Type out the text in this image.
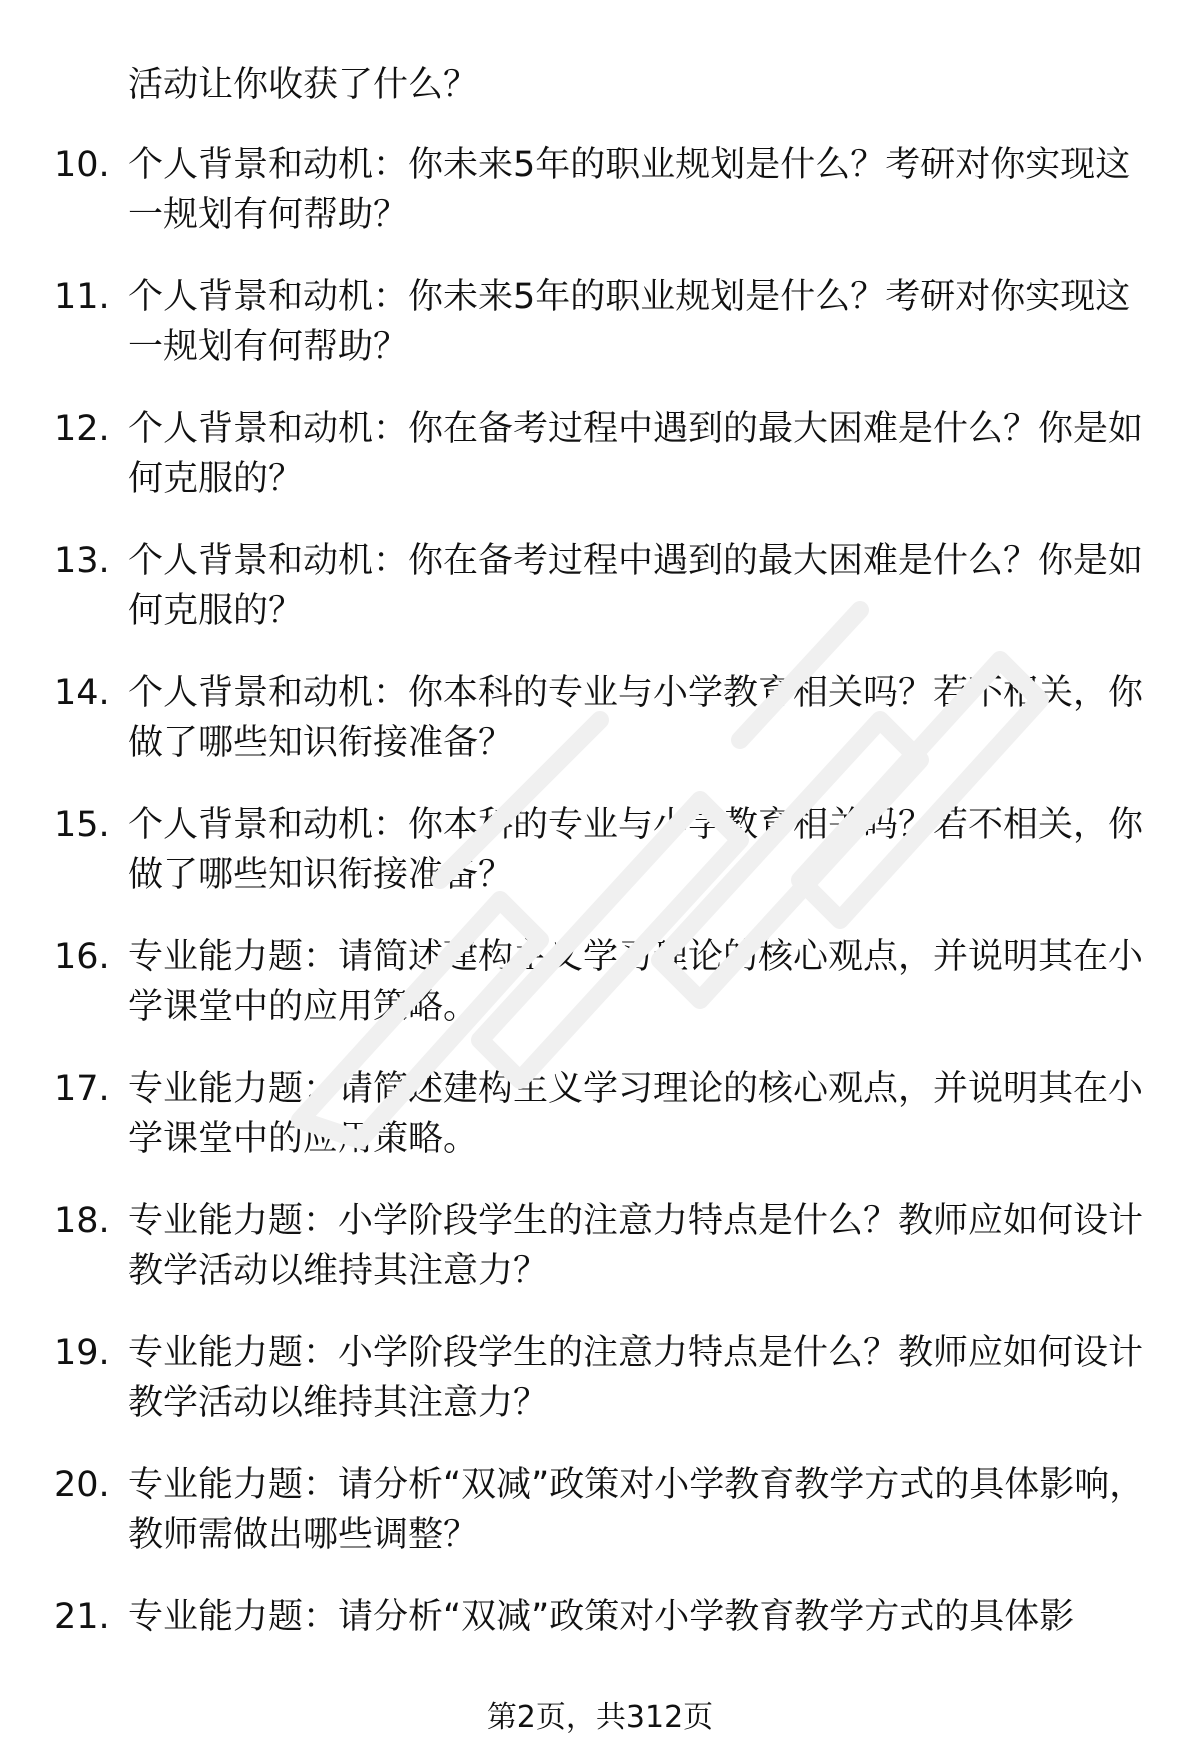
活动让你收获了什么？
10. 个人背景和动机：你未来5年的职业规划是什么？考研对你实现这一规划有何帮助？
11. 个人背景和动机：你未来5年的职业规划是什么？考研对你实现这一规划有何帮助？
12. 个人背景和动机：你在备考过程中遇到的最大困难是什么？你是如何克服的？
13. 个人背景和动机：你在备考过程中遇到的最大困难是什么？你是如何克服的？
14. 个人背景和动机：你本科的专业与小学教育相关吗？若不相关，你做了哪些知识衔接准备？
15. 个人背景和动机：你本科的专业与小学教育相关吗？若不相关，你做了哪些知识衔接准备？
16. 专业能力题：请简述建构主义学习理论的核心观点，并说明其在小学课堂中的应用策略。
17. 专业能力题：请简述建构主义学习理论的核心观点，并说明其在小学课堂中的应用策略。
18. 专业能力题：小学阶段学生的注意力特点是什么？教师应如何设计教学活动以维持其注意力？
19. 专业能力题：小学阶段学生的注意力特点是什么？教师应如何设计教学活动以维持其注意力？
20. 专业能力题：请分析“双减”政策对小学教育教学方式的具体影响，教师需做出哪些调整？
21. 专业能力题：请分析“双减”政策对小学教育教学方式的具体影
第2页，共312页
